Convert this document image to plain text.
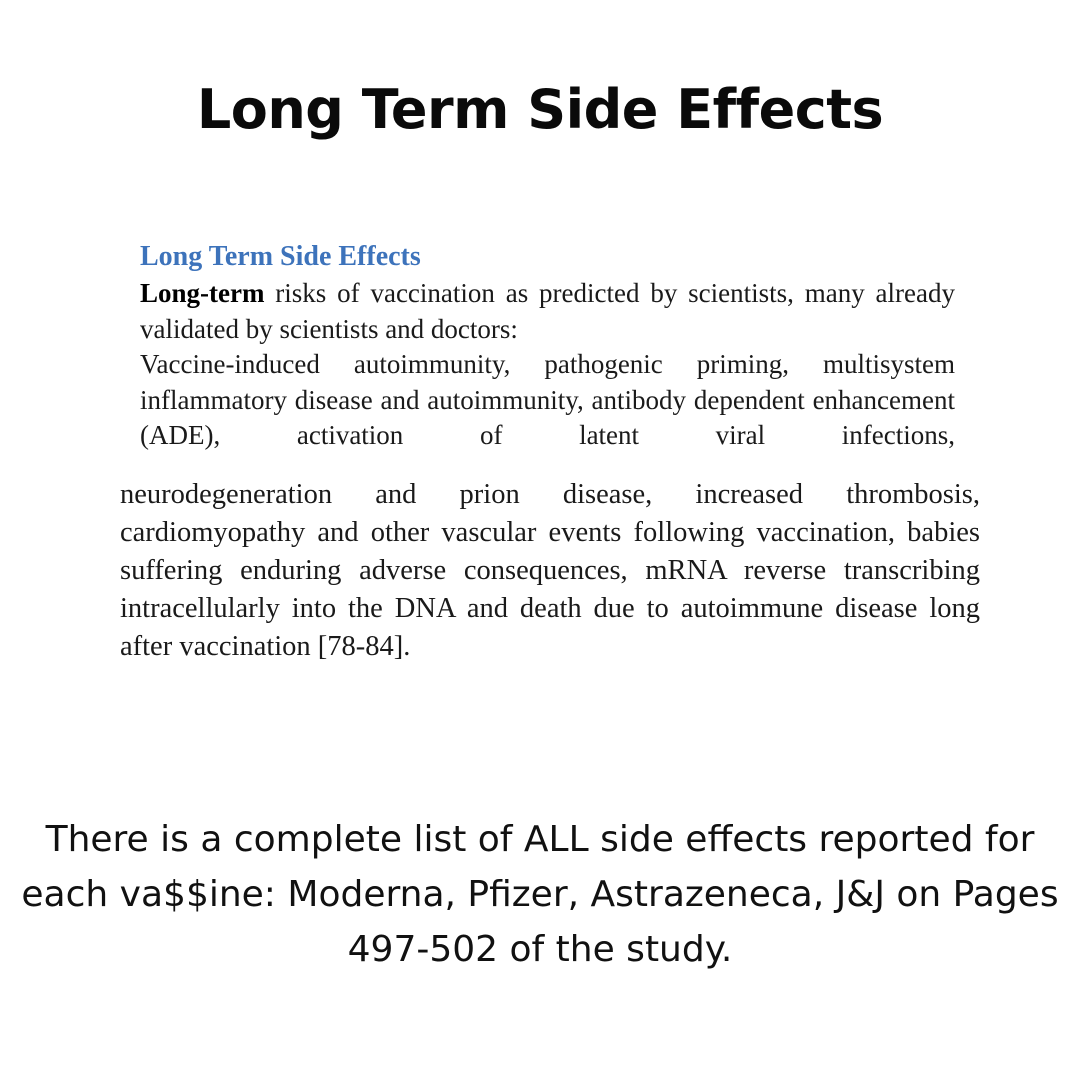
Long Term Side Effects

Long Term Side Effects

Long-term risks of vaccination as predicted by scientists, many already validated by scientists and doctors:

Vaccine-induced autoimmunity, pathogenic priming, multisystem inflammatory disease and autoimmunity, antibody dependent enhancement (ADE), activation of latent viral infections,

neurodegeneration and prion disease, increased thrombosis, cardiomyopathy and other vascular events following vaccination, babies suffering enduring adverse consequences, mRNA reverse transcribing intracellularly into the DNA and death due to autoimmune disease long after vaccination [78-84].

There is a complete list of ALL side effects reported for each va$$ine: Moderna, Pfizer, Astrazeneca, J&J on Pages 497-502 of the study.
